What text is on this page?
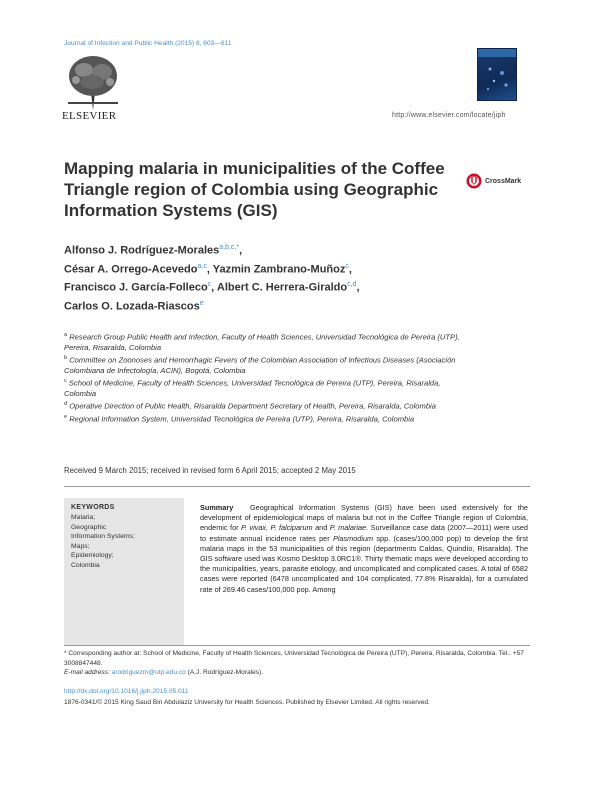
Journal of Infection and Public Health (2015) 8, 603—611
ELSEVIER	http://www.elsevier.com/locate/jiph
Mapping malaria in municipalities of the Coffee Triangle region of Colombia using Geographic Information Systems (GIS)
CrossMark
Alfonso J. Rodríguez-Morales$^{a,b,c,*}$,
César A. Orrego-Acevedo$^{a,c}$, Yazmin Zambrano-Muñoz$^c$,
Francisco J. García-Folleco$^c$, Albert C. Herrera-Giraldo$^{c,d}$,
Carlos O. Lozada-Riascos$^e$
$^a$ Research Group Public Health and Infection, Faculty of Health Sciences, Universidad Tecnológica de Pereira (UTP), Pereira, Risaralda, Colombia
$^b$ Committee on Zoonoses and Hemorrhagic Fevers of the Colombian Association of Infectious Diseases (Asociación Colombiana de Infectología, ACIN), Bogotá, Colombia
$^c$ School of Medicine, Faculty of Health Sciences, Universidad Tecnológica de Pereira (UTP), Pereira, Risaralda, Colombia
$^d$ Operative Direction of Public Health, Risaralda Department Secretary of Health, Pereira, Risaralda, Colombia
$^e$ Regional Information System, Universidad Tecnológica de Pereira (UTP), Pereira, Risaralda, Colombia
Received 9 March 2015; received in revised form 6 April 2015; accepted 2 May 2015
KEYWORDS
Malaria;
Geographic
Information Systems;
Maps;
Epidemiology;
Colombia
Summary Geographical Information Systems (GIS) have been used extensively for the development of epidemiological maps of malaria but not in the Coffee Triangle region of Colombia, endemic for P. vivax, P. falciparum and P. malariae. Surveillance case data (2007—2011) were used to estimate annual incidence rates per Plasmodium spp. (cases/100,000 pop) to develop the first malaria maps in the 53 municipalities of this region (departments Caldas, Quindío, Risaralda). The GIS software used was Kosmo Desktop 3.0RC1®. Thirty thematic maps were developed according to the municipalities, years, parasite etiology, and uncomplicated and complicated cases. A total of 6582 cases were reported (6478 uncomplicated and 104 complicated, 77.8% Risaralda), for a cumulated rate of 269.46 cases/100,000 pop. Among
* Corresponding author at: School of Medicine, Faculty of Health Sciences, Universidad Tecnológica de Pereira (UTP), Pereira, Risaralda, Colombia. Tel.: +57 3008847448.
E-mail address: arodriguezm@utp.edu.co (A.J. Rodríguez-Morales).
http://dx.doi.org/10.1016/j.jiph.2015.05.011
1876-0341/© 2015 King Saud Bin Abdulaziz University for Health Sciences. Published by Elsevier Limited. All rights reserved.
